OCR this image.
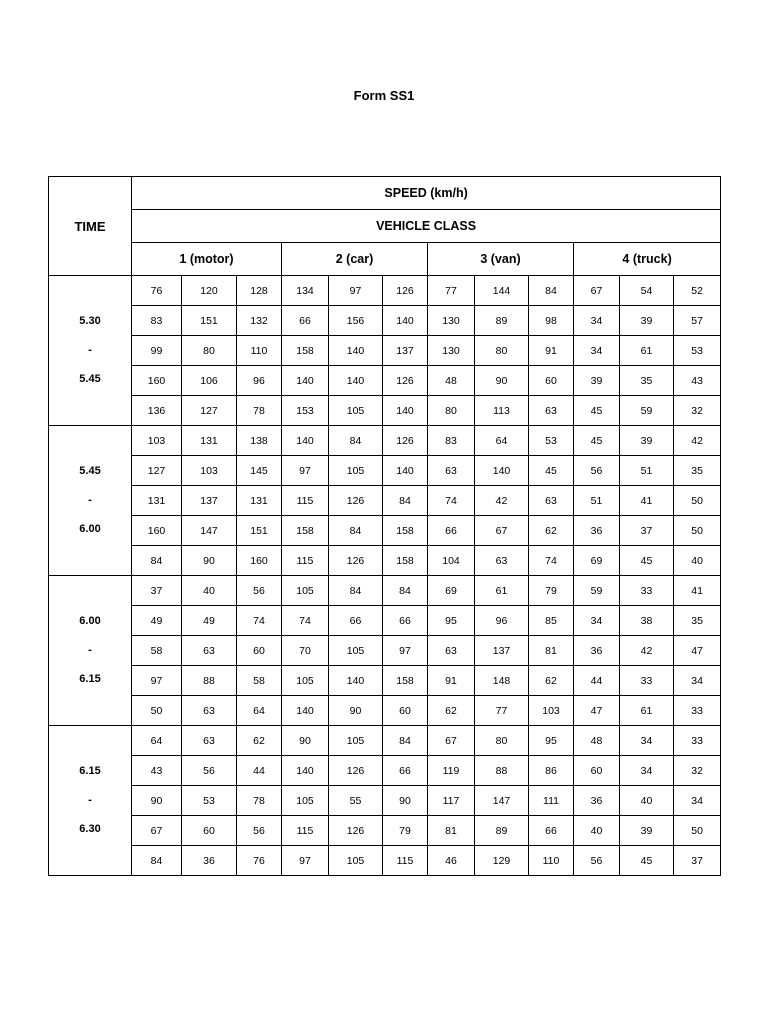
Form SS1
TIME	SPEED (km/h)											
	VEHICLE CLASS											
	1 (motor)			2 (car)			3 (van)			4 (truck)		

5.30
-
5.45	76	120	128	134	97	126	77	144	84	67	54	52
	83	151	132	66	156	140	130	89	98	34	39	57
	99	80	110	158	140	137	130	80	91	34	61	53
	160	106	96	140	140	126	48	90	60	39	35	43
	136	127	78	153	105	140	80	113	63	45	59	32

5.45
-
6.00	103	131	138	140	84	126	83	64	53	45	39	42
	127	103	145	97	105	140	63	140	45	56	51	35
	131	137	131	115	126	84	74	42	63	51	41	50
	160	147	151	158	84	158	66	67	62	36	37	50
	84	90	160	115	126	158	104	63	74	69	45	40

6.00
-
6.15	37	40	56	105	84	84	69	61	79	59	33	41
	49	49	74	74	66	66	95	96	85	34	38	35
	58	63	60	70	105	97	63	137	81	36	42	47
	97	88	58	105	140	158	91	148	62	44	33	34
	50	63	64	140	90	60	62	77	103	47	61	33

6.15
-
6.30	64	63	62	90	105	84	67	80	95	48	34	33
	43	56	44	140	126	66	119	88	86	60	34	32
	90	53	78	105	55	90	117	147	111	36	40	34
	67	60	56	115	126	79	81	89	66	40	39	50
	84	36	76	97	105	115	46	129	110	56	45	37
